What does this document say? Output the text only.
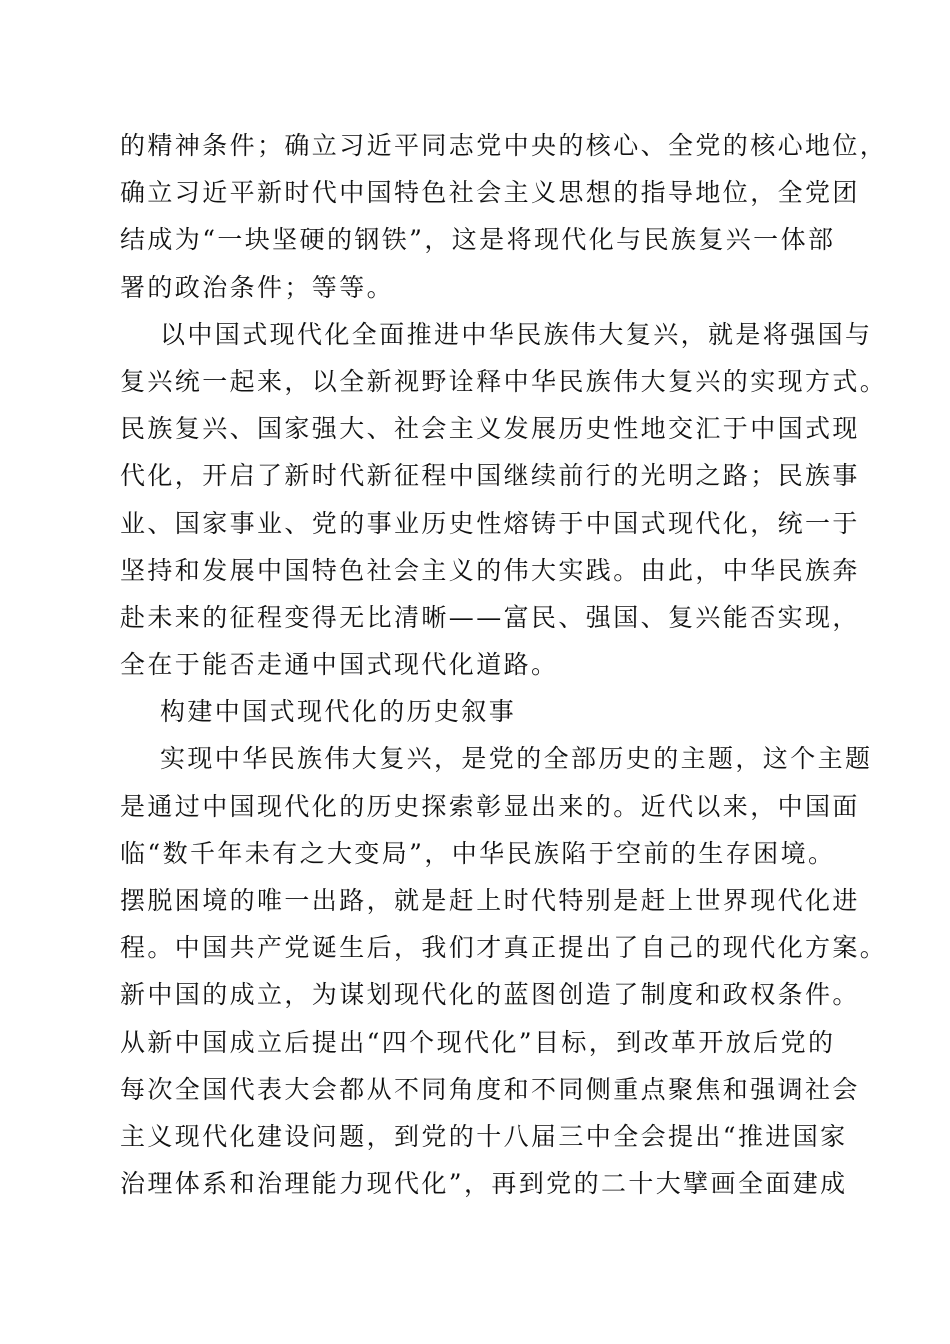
的精神条件；确立习近平同志党中央的核心、全党的核心地位，
确立习近平新时代中国特色社会主义思想的指导地位，全党团
结成为“一块坚硬的钢铁”，这是将现代化与民族复兴一体部
署的政治条件；等等。
以中国式现代化全面推进中华民族伟大复兴，就是将强国与
复兴统一起来，以全新视野诠释中华民族伟大复兴的实现方式。
民族复兴、国家强大、社会主义发展历史性地交汇于中国式现
代化，开启了新时代新征程中国继续前行的光明之路；民族事
业、国家事业、党的事业历史性熔铸于中国式现代化，统一于
坚持和发展中国特色社会主义的伟大实践。由此，中华民族奔
赴未来的征程变得无比清晰——富民、强国、复兴能否实现，
全在于能否走通中国式现代化道路。
构建中国式现代化的历史叙事
实现中华民族伟大复兴，是党的全部历史的主题，这个主题
是通过中国现代化的历史探索彰显出来的。近代以来，中国面
临“数千年未有之大变局”，中华民族陷于空前的生存困境。
摆脱困境的唯一出路，就是赶上时代特别是赶上世界现代化进
程。中国共产党诞生后，我们才真正提出了自己的现代化方案。
新中国的成立，为谋划现代化的蓝图创造了制度和政权条件。
从新中国成立后提出“四个现代化”目标，到改革开放后党的
每次全国代表大会都从不同角度和不同侧重点聚焦和强调社会
主义现代化建设问题，到党的十八届三中全会提出“推进国家
治理体系和治理能力现代化”，再到党的二十大擘画全面建成
